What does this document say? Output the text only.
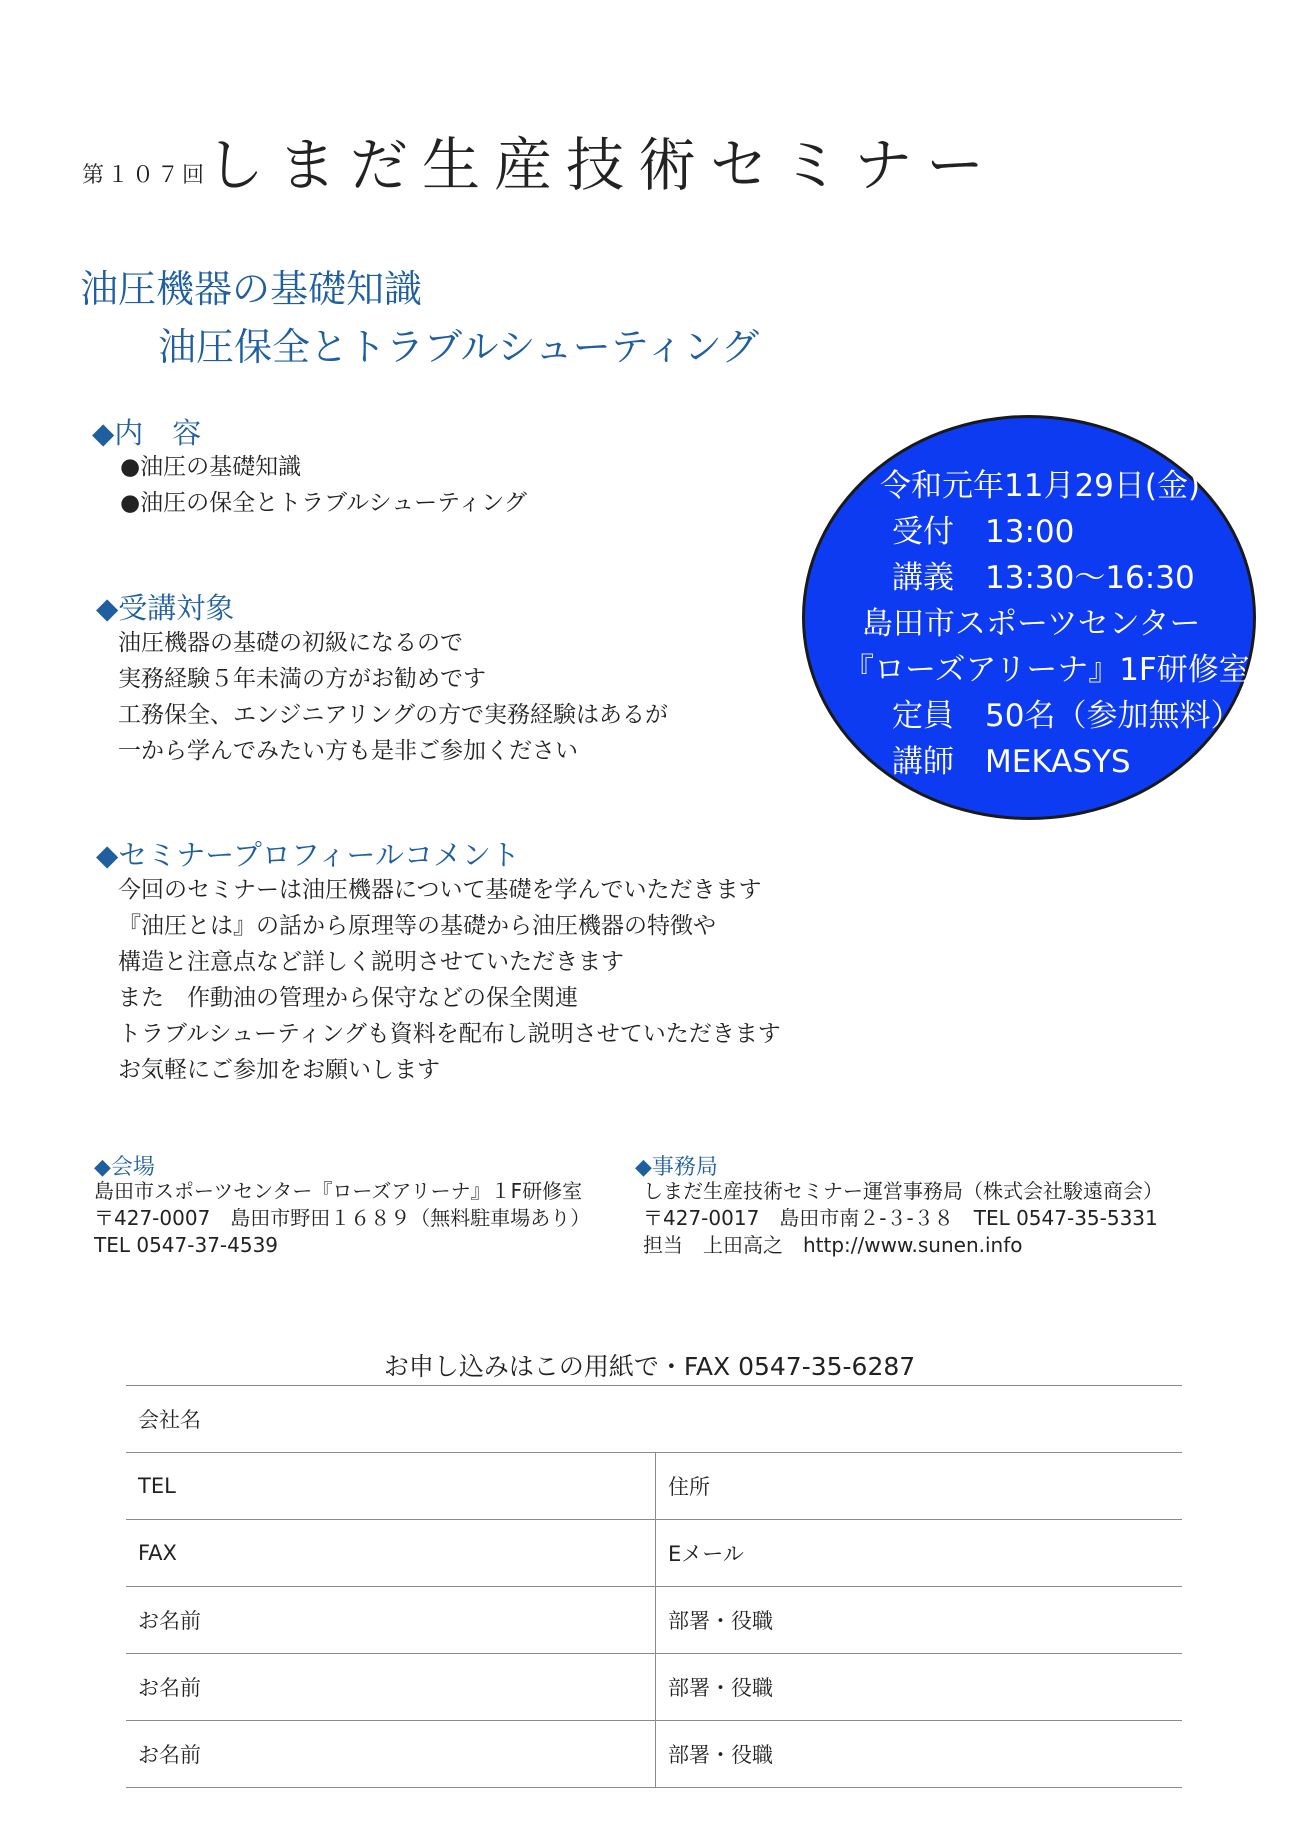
第１０７回
しまだ生産技術セミナー
油圧機器の基礎知識
油圧保全とトラブルシューティング
◆内　容
●油圧の基礎知識
●油圧の保全とトラブルシューティング
◆受講対象
油圧機器の基礎の初級になるので
実務経験５年未満の方がお勧めです
工務保全、エンジニアリングの方で実務経験はあるが
一から学んでみたい方も是非ご参加ください
令和元年11月29日(金)
受付　13:00
講義　13:30～16:30
島田市スポーツセンター
『ローズアリーナ』1F研修室
定員　50名（参加無料）
講師　MEKASYS
◆セミナープロフィールコメント
今回のセミナーは油圧機器について基礎を学んでいただきます
『油圧とは』の話から原理等の基礎から油圧機器の特徴や
構造と注意点など詳しく説明させていただきます
また　作動油の管理から保守などの保全関連
トラブルシューティングも資料を配布し説明させていただきます
お気軽にご参加をお願いします
◆会場
島田市スポーツセンター『ローズアリーナ』１F研修室
〒427-0007　島田市野田１６８９（無料駐車場あり）
TEL 0547-37-4539
◆事務局
しまだ生産技術セミナー運営事務局（株式会社駿遠商会）
〒427-0017　島田市南２-３-３８　TEL 0547-35-5331
担当　上田高之　http://www.sunen.info
お申し込みはこの用紙で・FAX 0547-35-6287
会社名
TEL	住所
FAX	Eメール
お名前	部署・役職
お名前	部署・役職
お名前	部署・役職
